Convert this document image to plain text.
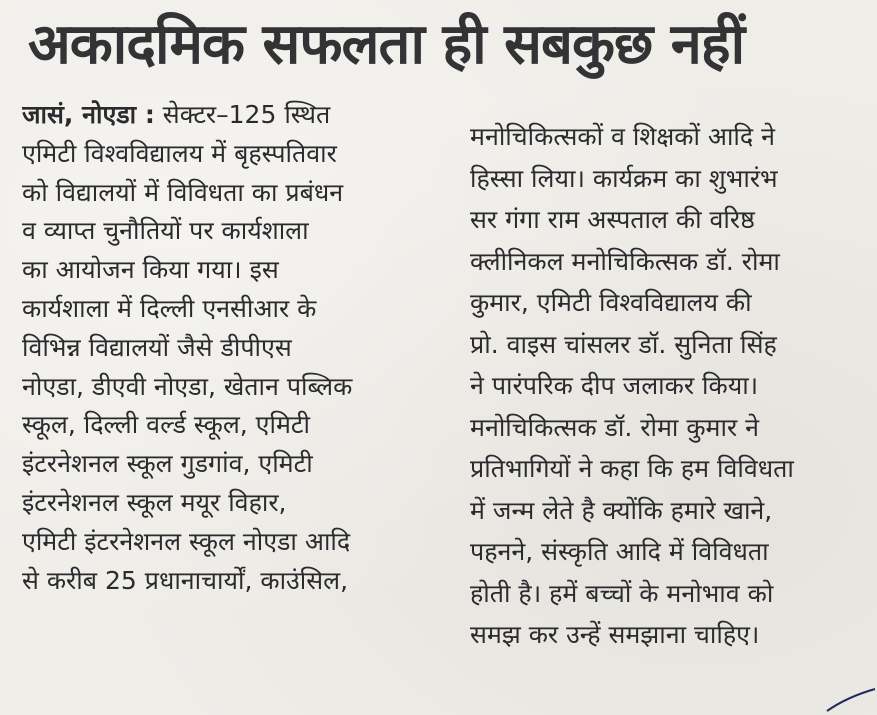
अकादमिक सफलता ही सबकुछ नहीं
जासं, नोएडा : सेक्टर–125 स्थित
एमिटी विश्वविद्यालय में बृहस्पतिवार
को विद्यालयों में विविधता का प्रबंधन
व व्याप्त चुनौतियों पर कार्यशाला
का आयोजन किया गया। इस
कार्यशाला में दिल्ली एनसीआर के
विभिन्न विद्यालयों जैसे डीपीएस
नोएडा, डीएवी नोएडा, खेतान पब्लिक
स्कूल, दिल्ली वर्ल्ड स्कूल, एमिटी
इंटरनेशनल स्कूल गुडगांव, एमिटी
इंटरनेशनल स्कूल मयूर विहार,
एमिटी इंटरनेशनल स्कूल नोएडा आदि
से करीब 25 प्रधानाचार्यों, काउंसिल,
मनोचिकित्सकों व शिक्षकों आदि ने
हिस्सा लिया। कार्यक्रम का शुभारंभ
सर गंगा राम अस्पताल की वरिष्ठ
क्लीनिकल मनोचिकित्सक डॉ. रोमा
कुमार, एमिटी विश्वविद्यालय की
प्रो. वाइस चांसलर डॉ. सुनिता सिंह
ने पारंपरिक दीप जलाकर किया।
मनोचिकित्सक डॉ. रोमा कुमार ने
प्रतिभागियों ने कहा कि हम विविधता
में जन्म लेते है क्योंकि हमारे खाने,
पहनने, संस्कृति आदि में विविधता
होती है। हमें बच्चों के मनोभाव को
समझ कर उन्हें समझाना चाहिए।
